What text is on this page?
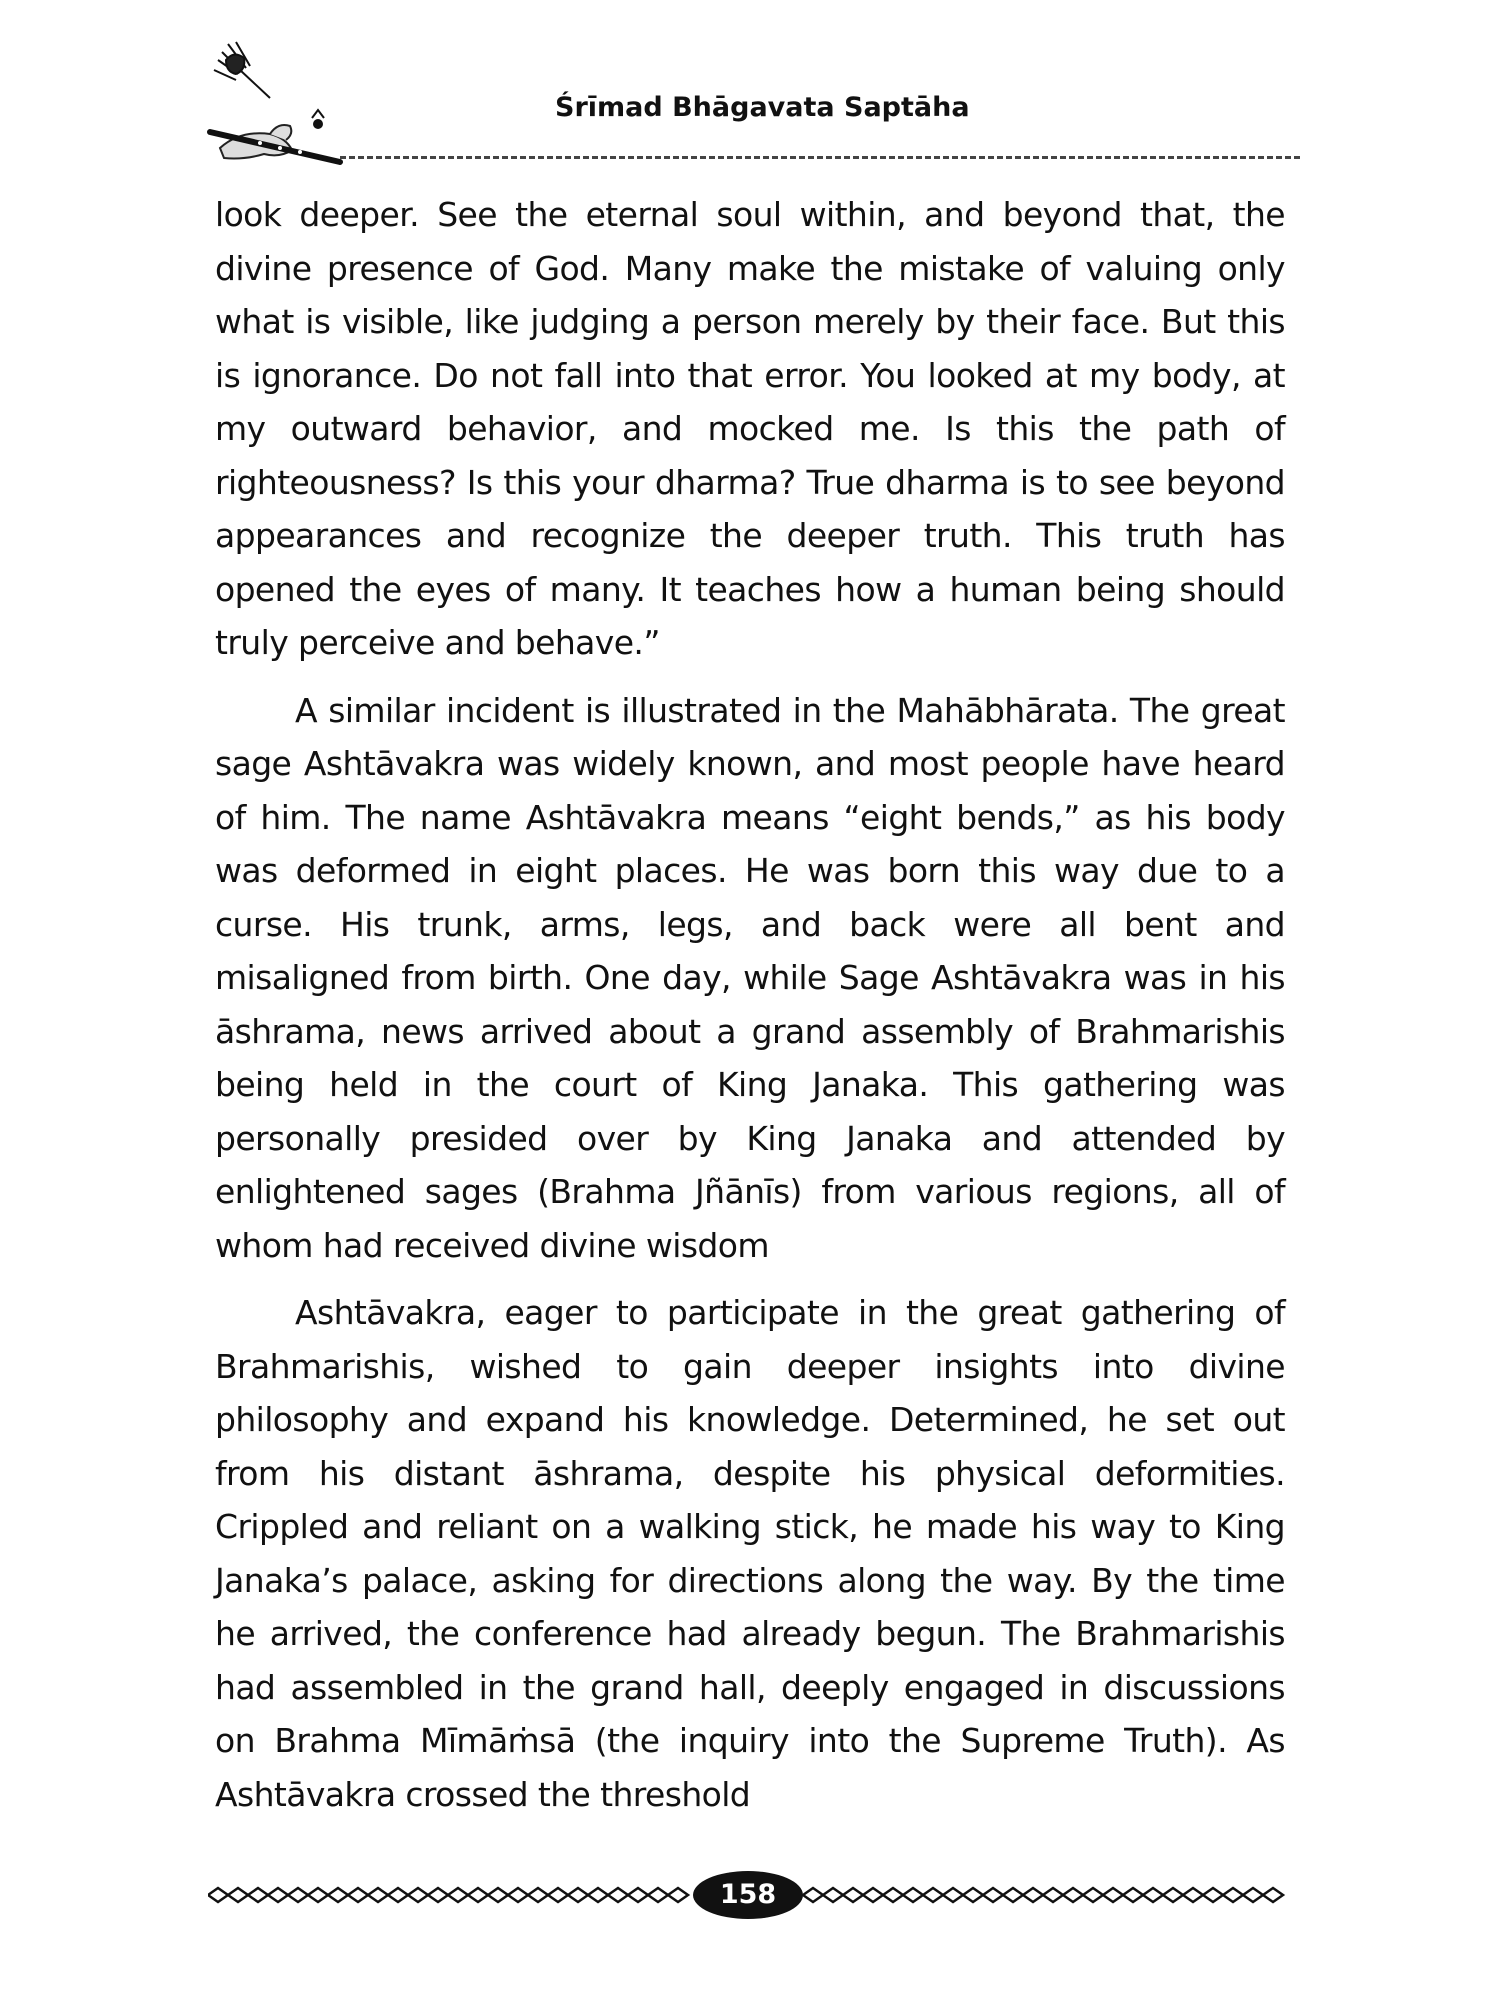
Śrīmad Bhāgavata Saptāha

look deeper. See the eternal soul within, and beyond that, the divine presence of God. Many make the mistake of valuing only what is visible, like judging a person merely by their face. But this is ignorance. Do not fall into that error. You looked at my body, at my outward behavior, and mocked me. Is this the path of righteousness? Is this your dharma? True dharma is to see beyond appearances and recognize the deeper truth. This truth has opened the eyes of many. It teaches how a human being should truly perceive and behave.”

A similar incident is illustrated in the Mahābhārata. The great sage Ashtāvakra was widely known, and most people have heard of him. The name Ashtāvakra means “eight bends,” as his body was deformed in eight places. He was born this way due to a curse. His trunk, arms, legs, and back were all bent and misaligned from birth. One day, while Sage Ashtāvakra was in his āshrama, news arrived about a grand assembly of Brahmarishis being held in the court of King Janaka. This gathering was personally presided over by King Janaka and attended by enlightened sages (Brahma Jñānīs) from various regions, all of whom had received divine wisdom

Ashtāvakra, eager to participate in the great gathering of Brahmarishis, wished to gain deeper insights into divine philosophy and expand his knowledge. Determined, he set out from his distant āshrama, despite his physical deformities. Crippled and reliant on a walking stick, he made his way to King Janaka’s palace, asking for directions along the way. By the time he arrived, the conference had already begun. The Brahmarishis had assembled in the grand hall, deeply engaged in discussions on Brahma Mīmāṁsā (the inquiry into the Supreme Truth). As Ashtāvakra crossed the threshold

158
